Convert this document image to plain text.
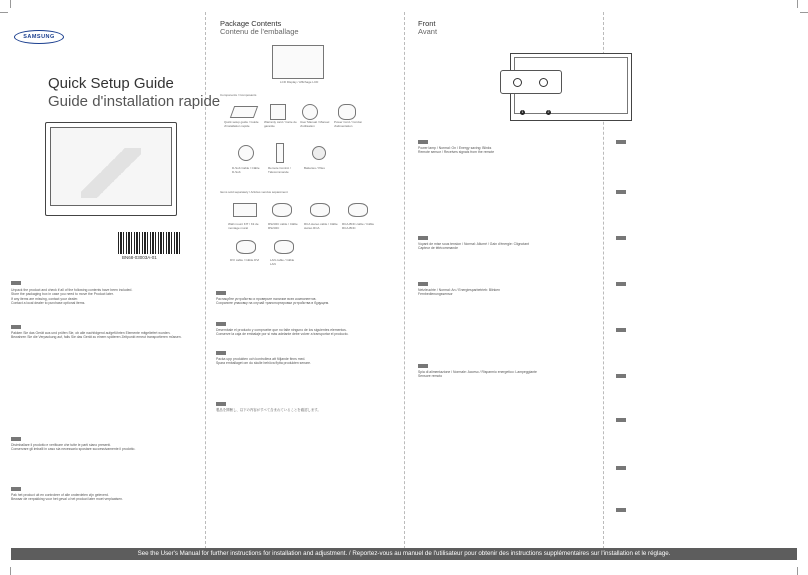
SAMSUNG
Quick Setup Guide
Guide d'installation rapide
BN68-03003A-01
Package Contents
Contenu de l'emballage
LCD Display / Affichage LCD
Components / Composants
Quick setup guide / Guide d'installation rapide
Warranty card / Carte de garantie
User Manual / Manuel d'utilisation
Power Cord / Cordon d'alimentation
D-Sub Cable / Câble D-Sub
Remote Control / Télécommande
Batteries / Piles
Items sold separately / Articles vendus séparément
Wall mount KIT / Kit de montage mural
RS232C cable / Câble RS232C
RCA stereo cable / Câble stéréo RCA
RCA-BNC cable / Câble RCA-BNC
DVI cable / Câble DVI	LAN cable / Câble LAN
Front
Avant
1	2
Unpack the product and check if all of the following contents have been included.
Store the packaging box in case you need to move the Product later.
If any items are missing, contact your dealer.
Contact a local dealer to purchase optional items.
Pakken Sie das Gerät aus und prüfen Sie, ob alle nachfolgend aufgeführten Elemente mitgeliefert wurden.
Bewahren Sie die Verpackung auf, falls Sie das Gerät zu einem späteren Zeitpunkt erneut transportieren müssen.
Disimballare il prodotto e verificare che tutte le parti siano presenti.
Conservare gli imballi in caso sia necessario spostare successivamente il prodotto.
Pak het product uit en controleer of alle onderdelen zijn geleverd.
Bewaar de verpakking voor het geval u het product later moet verplaatsen.
Распакуйте устройство и проверьте наличие всех компонентов.
Сохраните упаковку на случай транспортировки устройства в будущем.
Desembale el producto y compruebe que no falte ninguno de los siguientes elementos.
Conserve la caja de embalaje por si más adelante debe volver a transportar el producto.
Packa upp produkten och kontrollera att följande finns med.
Spara emballaget om du skulle behöva flytta produkten senare.
製品を開梱し、以下の内容がすべて含まれていることを確認します。
Power lamp / Normal: On / Energy saving: Blinks
Remote sensor / Receives signals from the remote
Netzleuchte / Normal: An / Energiesparbetrieb: Blinken
Fernbedienungssensor
Voyant de mise sous tension / Normal: Allumé / Gain d'énergie: Clignotant
Capteur de télécommande
Spia di alimentazione / Normale: Acceso / Risparmio energetico: Lampeggiante
Sensore remoto
See the User's Manual for further instructions for installation and adjustment. / Reportez-vous au manuel de l'utilisateur pour obtenir des instructions supplémentaires sur l'installation et le réglage.
